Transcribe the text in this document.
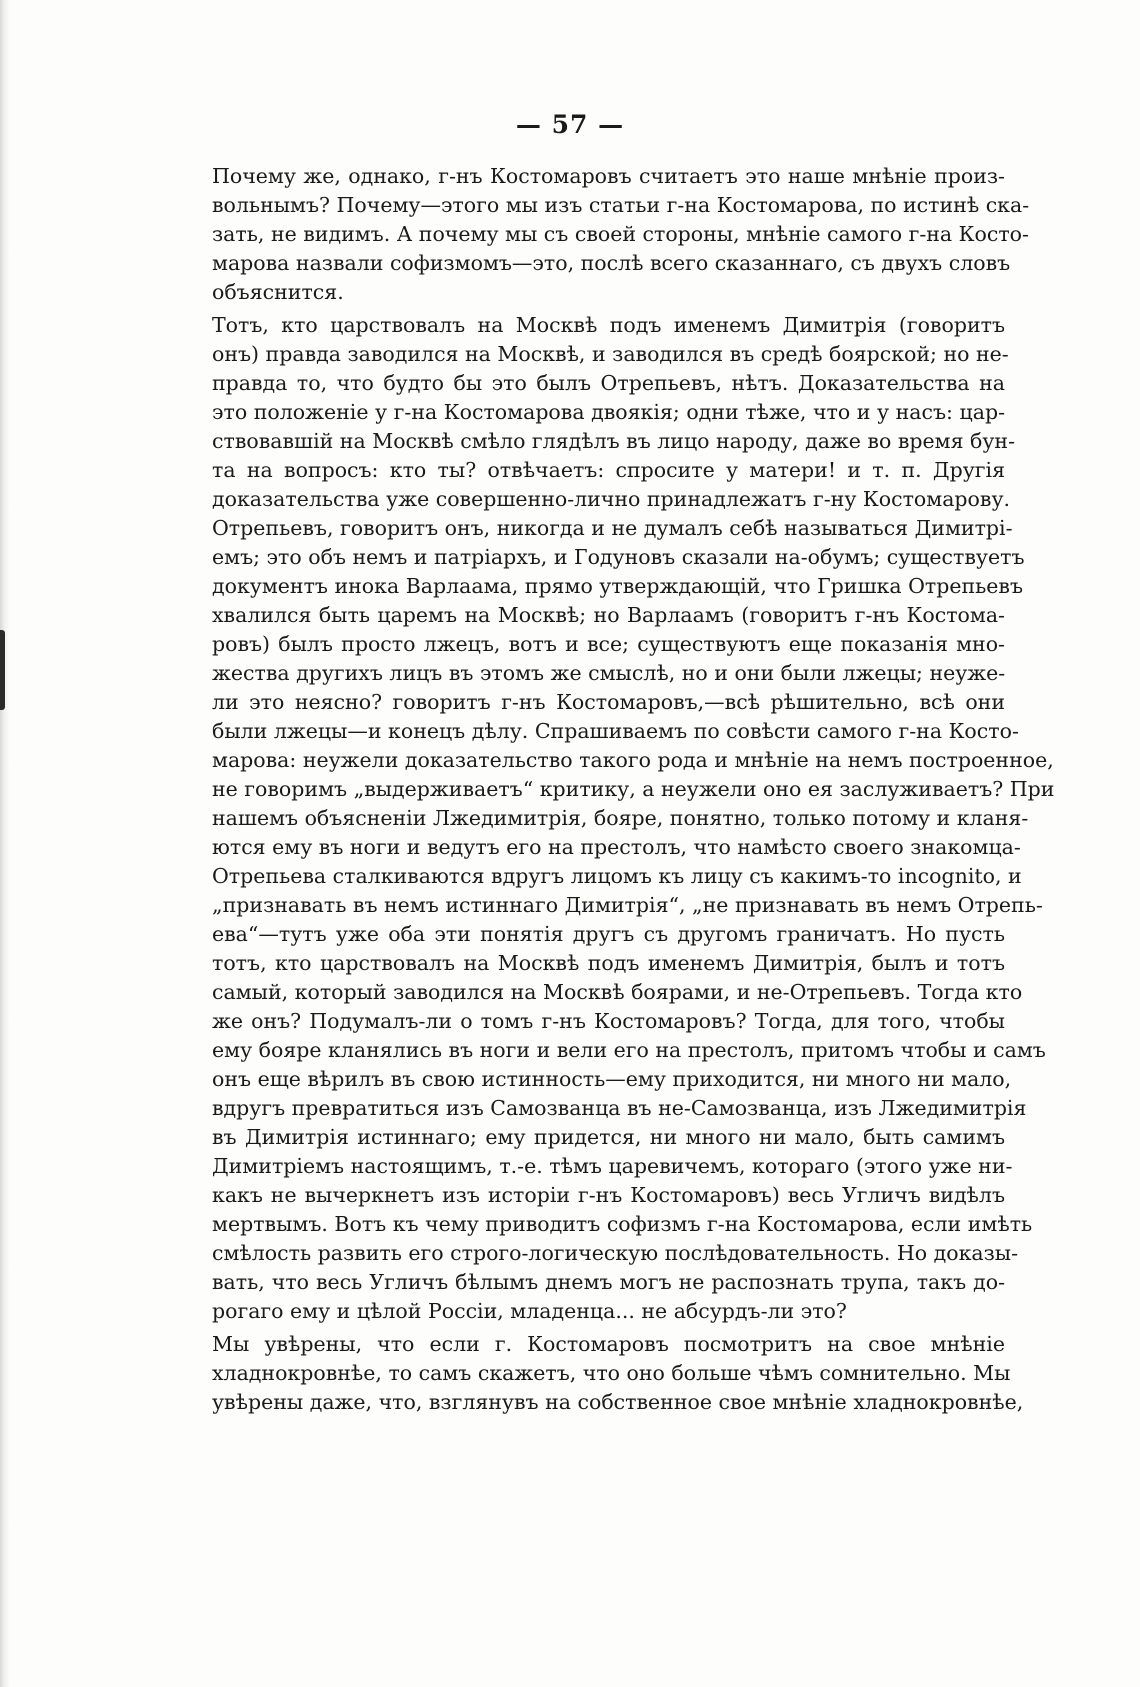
— 57 —
Почему же, однако, г-нъ Костомаровъ считаетъ это наше мнѣніе произ-
вольнымъ? Почему—этого мы изъ статьи г-на Костомарова, по истинѣ ска-
зать, не видимъ. А почему мы съ своей стороны, мнѣніе самого г-на Косто-
марова назвали софизмомъ—это, послѣ всего сказаннаго, съ двухъ словъ
объяснится.
Тотъ, кто царствовалъ на Москвѣ подъ именемъ Димитрія (говоритъ
онъ) правда заводился на Москвѣ, и заводился въ средѣ боярской; но не-
правда то, что будто бы это былъ Отрепьевъ, нѣтъ. Доказательства на
это положеніе у г-на Костомарова двоякія; одни тѣже, что и у насъ: цар-
ствовавшій на Москвѣ смѣло глядѣлъ въ лицо народу, даже во время бун-
та на вопросъ: кто ты? отвѣчаетъ: спросите у матери! и т. п. Другія
доказательства уже совершенно-лично принадлежатъ г-ну Костомарову.
Отрепьевъ, говоритъ онъ, никогда и не думалъ себѣ называться Димитрі-
емъ; это объ немъ и патріархъ, и Годуновъ сказали на-обумъ; существуетъ
документъ инока Варлаама, прямо утверждающій, что Гришка Отрепьевъ
хвалился быть царемъ на Москвѣ; но Варлаамъ (говоритъ г-нъ Костома-
ровъ) былъ просто лжецъ, вотъ и все; существуютъ еще показанія мно-
жества другихъ лицъ въ этомъ же смыслѣ, но и они были лжецы; неуже-
ли это неясно? говоритъ г-нъ Костомаровъ,—всѣ рѣшительно, всѣ они
были лжецы—и конецъ дѣлу. Спрашиваемъ по совѣсти самого г-на Косто-
марова: неужели доказательство такого рода и мнѣніе на немъ построенное,
не говоримъ „выдерживаетъ“ критику, а неужели оно ея заслуживаетъ? При
нашемъ объясненіи Лжедимитрія, бояре, понятно, только потому и кланя-
ются ему въ ноги и ведутъ его на престолъ, что намѣсто своего знакомца-
Отрепьева сталкиваются вдругъ лицомъ къ лицу съ какимъ-то incognito, и
„признавать въ немъ истиннаго Димитрія“, „не признавать въ немъ Отрепь-
ева“—тутъ уже оба эти понятія другъ съ другомъ граничатъ. Но пусть
тотъ, кто царствовалъ на Москвѣ подъ именемъ Димитрія, былъ и тотъ
самый, который заводился на Москвѣ боярами, и не-Отрепьевъ. Тогда кто
же онъ? Подумалъ-ли о томъ г-нъ Костомаровъ? Тогда, для того, чтобы
ему бояре кланялись въ ноги и вели его на престолъ, притомъ чтобы и самъ
онъ еще вѣрилъ въ свою истинность—ему приходится, ни много ни мало,
вдругъ превратиться изъ Самозванца въ не-Самозванца, изъ Лжедимитрія
въ Димитрія истиннаго; ему придется, ни много ни мало, быть самимъ
Димитріемъ настоящимъ, т.-е. тѣмъ царевичемъ, котораго (этого уже ни-
какъ не вычеркнетъ изъ исторіи г-нъ Костомаровъ) весь Угличъ видѣлъ
мертвымъ. Вотъ къ чему приводитъ софизмъ г-на Костомарова, если имѣть
смѣлость развить его строго-логическую послѣдовательность. Но доказы-
вать, что весь Угличъ бѣлымъ днемъ могъ не распознать трупа, такъ до-
рогаго ему и цѣлой Россіи, младенца... не абсурдъ-ли это?
Мы увѣрены, что если г. Костомаровъ посмотритъ на свое мнѣніе
хладнокровнѣе, то самъ скажетъ, что оно больше чѣмъ сомнительно. Мы
увѣрены даже, что, взглянувъ на собственное свое мнѣніе хладнокровнѣе,
